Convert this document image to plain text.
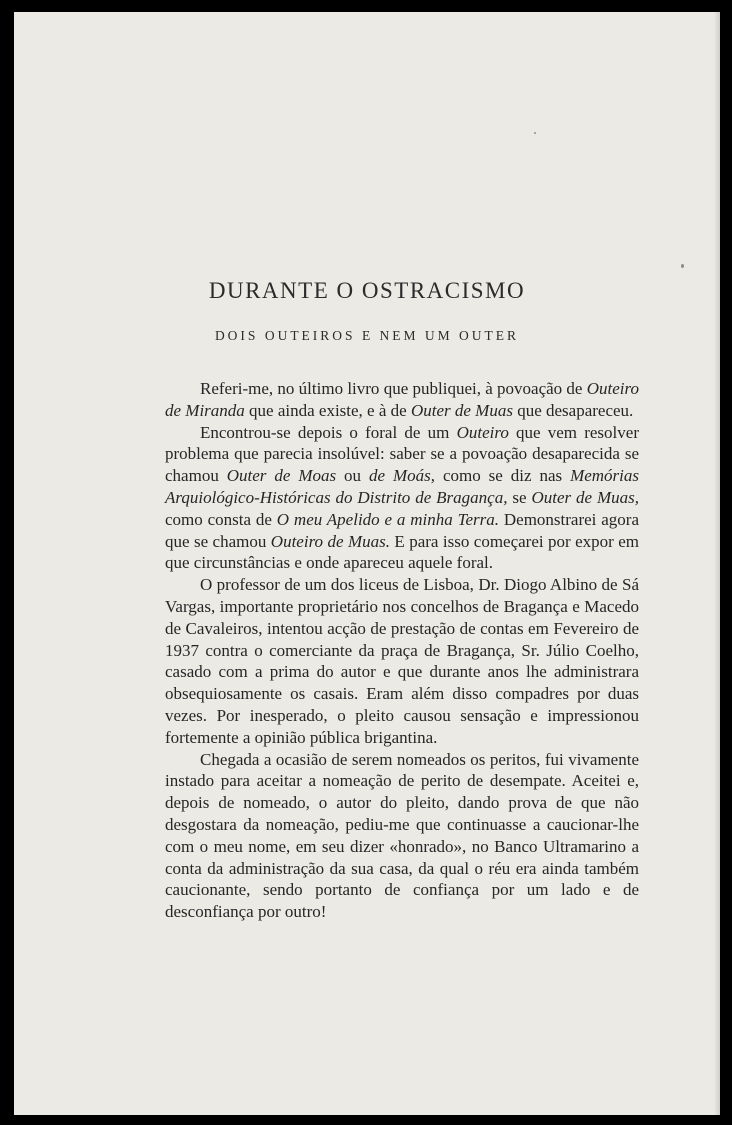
DURANTE O OSTRACISMO
DOIS OUTEIROS E NEM UM OUTER

Referi-me, no último livro que publiquei, à povoação de Outeiro de Miranda que ainda existe, e à de Outer de Muas que desapareceu.

Encontrou-se depois o foral de um Outeiro que vem resolver problema que parecia insolúvel: saber se a povoação desaparecida se chamou Outer de Moas ou de Moás, como se diz nas Memórias Arquiológico-Históricas do Distrito de Bragança, se Outer de Muas, como consta de O meu Apelido e a minha Terra. Demonstrarei agora que se chamou Outeiro de Muas. E para isso começarei por expor em que circunstâncias e onde apareceu aquele foral.

O professor de um dos liceus de Lisboa, Dr. Diogo Albino de Sá Vargas, importante proprietário nos concelhos de Bragança e Macedo de Cavaleiros, intentou acção de prestação de contas em Fevereiro de 1937 contra o comerciante da praça de Bragança, Sr. Júlio Coelho, casado com a prima do autor e que durante anos lhe administrara obsequiosamente os casais. Eram além disso compadres por duas vezes. Por inesperado, o pleito causou sensação e impressionou fortemente a opinião pública brigantina.

Chegada a ocasião de serem nomeados os peritos, fui vivamente instado para aceitar a nomeação de perito de desempate. Aceitei e, depois de nomeado, o autor do pleito, dando prova de que não desgostara da nomeação, pediu-me que continuasse a caucionar-lhe com o meu nome, em seu dizer «honrado», no Banco Ultramarino a conta da administração da sua casa, da qual o réu era ainda também caucionante, sendo portanto de confiança por um lado e de desconfiança por outro!
